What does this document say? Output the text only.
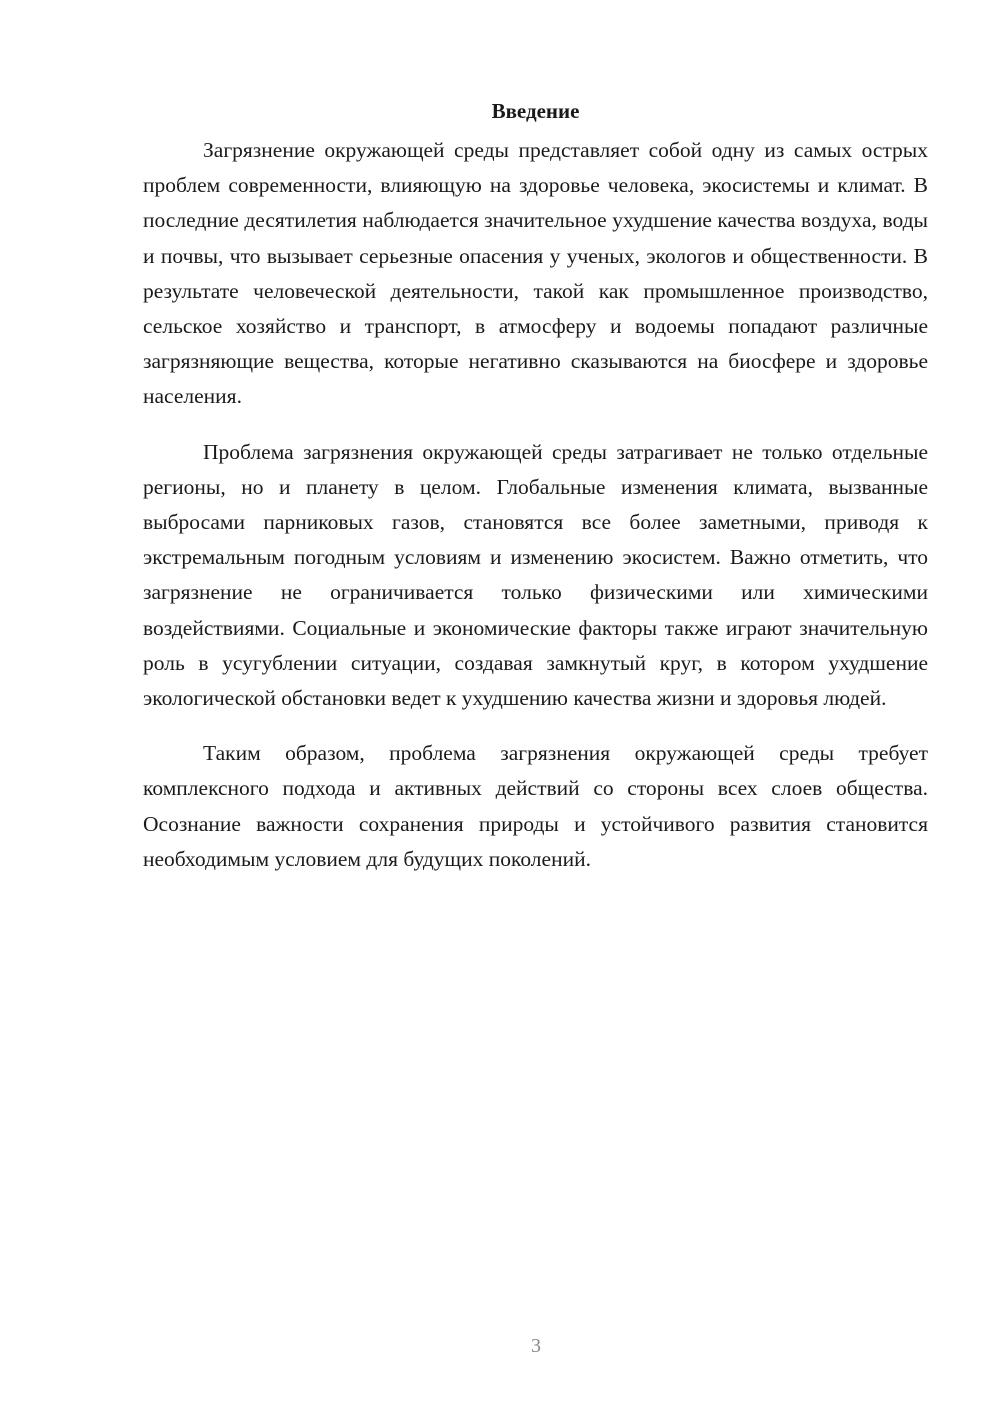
Введение

Загрязнение окружающей среды представляет собой одну из самых острых проблем современности, влияющую на здоровье человека, экосистемы и климат. В последние десятилетия наблюдается значительное ухудшение качества воздуха, воды и почвы, что вызывает серьезные опасения у ученых, экологов и общественности. В результате человеческой деятельности, такой как промышленное производство, сельское хозяйство и транспорт, в атмосферу и водоемы попадают различные загрязняющие вещества, которые негативно сказываются на биосфере и здоровье населения.

Проблема загрязнения окружающей среды затрагивает не только отдельные регионы, но и планету в целом. Глобальные изменения климата, вызванные выбросами парниковых газов, становятся все более заметными, приводя к экстремальным погодным условиям и изменению экосистем. Важно отметить, что загрязнение не ограничивается только физическими или химическими воздействиями. Социальные и экономические факторы также играют значительную роль в усугублении ситуации, создавая замкнутый круг, в котором ухудшение экологической обстановки ведет к ухудшению качества жизни и здоровья людей.

Таким образом, проблема загрязнения окружающей среды требует комплексного подхода и активных действий со стороны всех слоев общества. Осознание важности сохранения природы и устойчивого развития становится необходимым условием для будущих поколений.

3
